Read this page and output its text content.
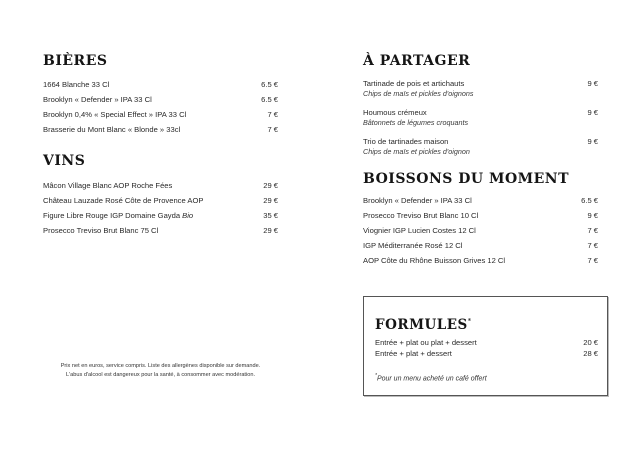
BIÈRES
1664 Blanche 33 Cl	6.5 €
Brooklyn « Defender » IPA 33 Cl	6.5 €
Brooklyn 0,4% « Special Effect » IPA 33 Cl	7 €
Brasserie du Mont Blanc « Blonde » 33cl	7 €
VINS
Mâcon Village Blanc AOP Roche Fées	29 €
Château Lauzade Rosé Côte de Provence AOP	29 €
Figure Libre Rouge IGP Domaine Gayda Bio	35 €
Prosecco Treviso Brut Blanc 75 Cl	29 €
Prix net en euros, service compris. Liste des allergènes disponible sur demande.
L'abus d'alcool est dangereux pour la santé, à consommer avec modération.
À PARTAGER
Tartinade de pois et artichauts	9 €
Chips de maïs et pickles d'oignons
Houmous crémeux	9 €
Bâtonnets de légumes croquants
Trio de tartinades maison	9 €
Chips de maïs et pickles d'oignon
BOISSONS DU MOMENT
Brooklyn « Defender » IPA 33 Cl	6.5 €
Prosecco Treviso Brut Blanc 10 Cl	9 €
Viognier IGP Lucien Costes 12 Cl	7 €
IGP Méditerranée Rosé 12 Cl	7 €
AOP Côte du Rhône Buisson Grives 12 Cl	7 €
FORMULES*
Entrée + plat ou plat + dessert	20 €
Entrée + plat + dessert	28 €
*Pour un menu acheté un café offert
